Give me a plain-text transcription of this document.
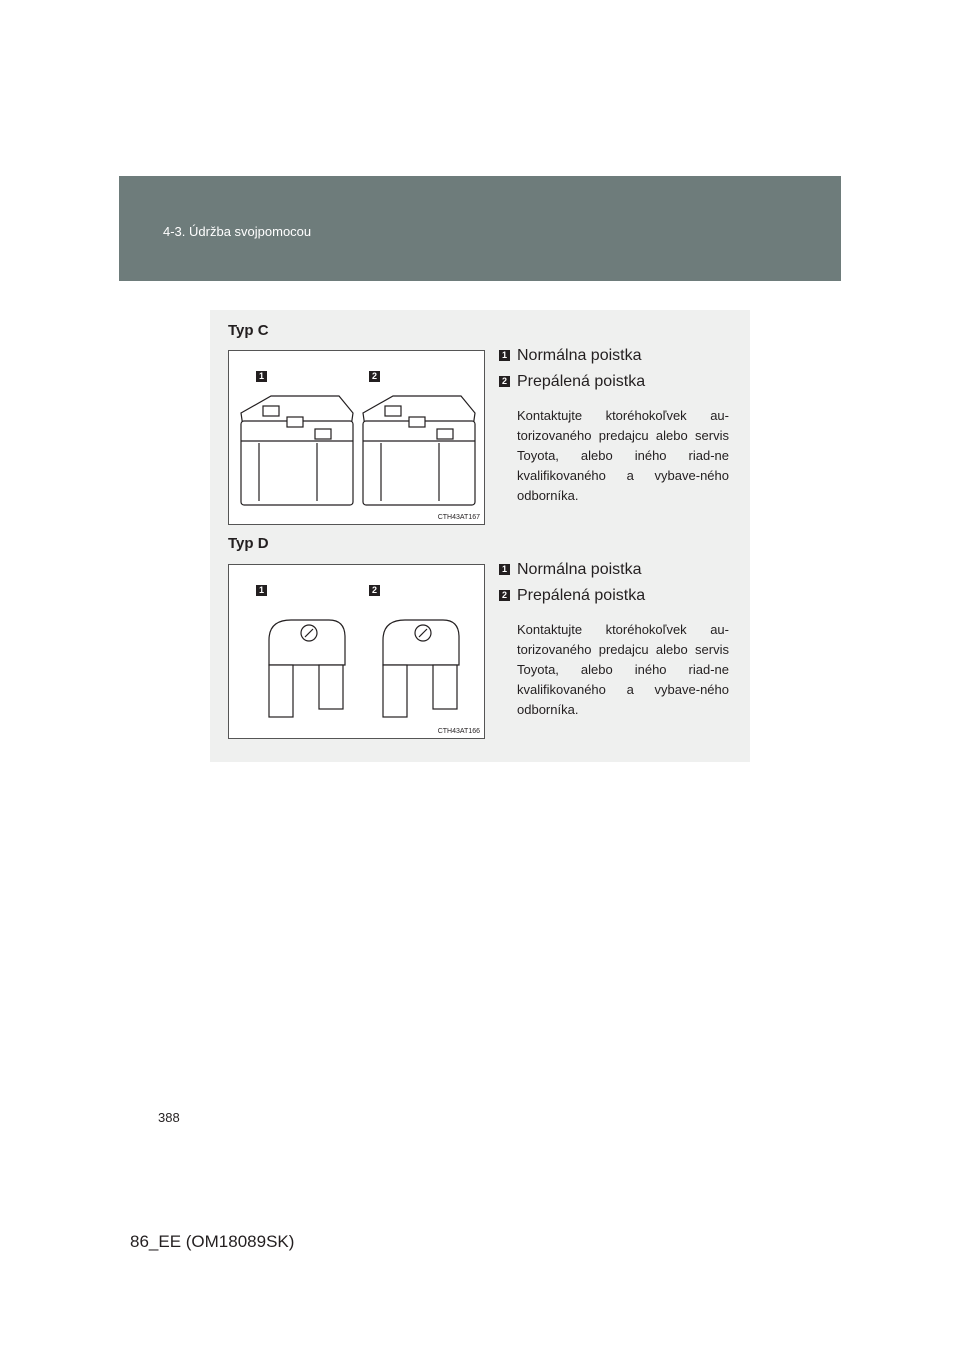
4-3. Údržba svojpomocou
Typ C
1	2
CTH43AT167
1 Normálna poistka
2 Prepálená poistka
Kontaktujte ktoréhokoľvek au-torizovaného predajcu alebo servis Toyota, alebo iného riad-ne kvalifikovaného a vybave-ného odborníka.
Typ D
1	2
CTH43AT166
1 Normálna poistka
2 Prepálená poistka
Kontaktujte ktoréhokoľvek au-torizovaného predajcu alebo servis Toyota, alebo iného riad-ne kvalifikovaného a vybave-ného odborníka.
388
86_EE (OM18089SK)
